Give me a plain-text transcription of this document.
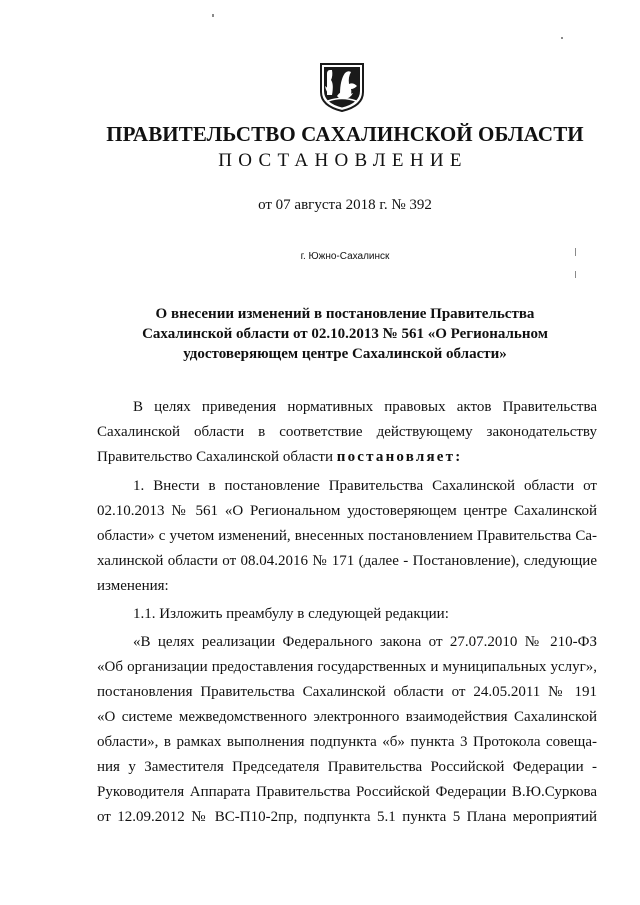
ПРАВИТЕЛЬСТВО САХАЛИНСКОЙ ОБЛАСТИ
ПОСТАНОВЛЕНИЕ
от 07 августа 2018 г. № 392
г. Южно-Сахалинск
О внесении изменений в постановление Правительства
Сахалинской области от 02.10.2013 № 561 «О Региональном
удостоверяющем центре Сахалинской области»
В целях приведения нормативных правовых актов Правительства
Сахалинской области в соответствие действующему законодательству
Правительство Сахалинской области постановляет:
1. Внести в постановление Правительства Сахалинской области от
02.10.2013 № 561 «О Региональном удостоверяющем центре Сахалинской
области» с учетом изменений, внесенных постановлением Правительства Са-
халинской области от 08.04.2016 № 171 (далее - Постановление), следующие
изменения:
1.1. Изложить преамбулу в следующей редакции:
«В целях реализации Федерального закона от 27.07.2010 № 210-ФЗ
«Об организации предоставления государственных и муниципальных услуг»,
постановления Правительства Сахалинской области от 24.05.2011 № 191
«О системе межведомственного электронного взаимодействия Сахалинской
области», в рамках выполнения подпункта «б» пункта 3 Протокола совеща-
ния у Заместителя Председателя Правительства Российской Федерации -
Руководителя Аппарата Правительства Российской Федерации В.Ю.Суркова
от 12.09.2012 № ВС-П10-2пр, подпункта 5.1 пункта 5 Плана мероприятий
